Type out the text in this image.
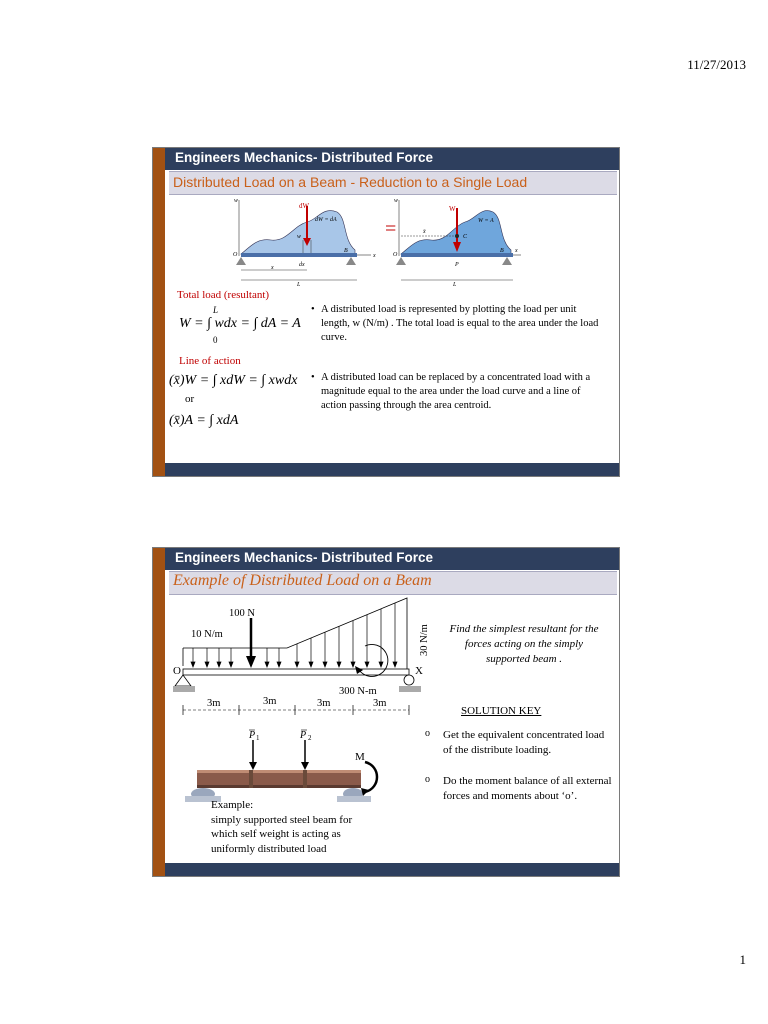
11/27/2013
Engineers Mechanics- Distributed Force
Distributed Load on a Beam - Reduction to a Single Load
w
dW
dW = dA
w
O
B
x
dx
x
L
=
w
W
W = A
x̄
C
O
B x
P
L
Total load (resultant)
L
W = ∫ wdx = ∫ dA = A
0
Line of action
(x̄)W = ∫ xdW = ∫ xwdx
or
(x̄)A = ∫ xdA
• A distributed load is represented by plotting the load per unit length, w (N/m) . The total load is equal to the area under the load curve.
• A distributed load can be replaced by a concentrated load with a magnitude equal to the area under the load curve and a line of action passing through the area centroid.
Engineers Mechanics- Distributed Force
Example of Distributed Load on a Beam
100 N
10 N/m	30 N/m
O	X
300 N-m
3m	3m	3m	3m
Find the simplest resultant for the forces acting on the simply supported beam .
SOLUTION KEY
o Get the equivalent concentrated load of the distribute loading.
o Do the moment balance of all external forces and moments about ‘o’.
P 1	P 2
M
Example:
simply supported steel beam for
which self weight is acting as
uniformly distributed load
1
